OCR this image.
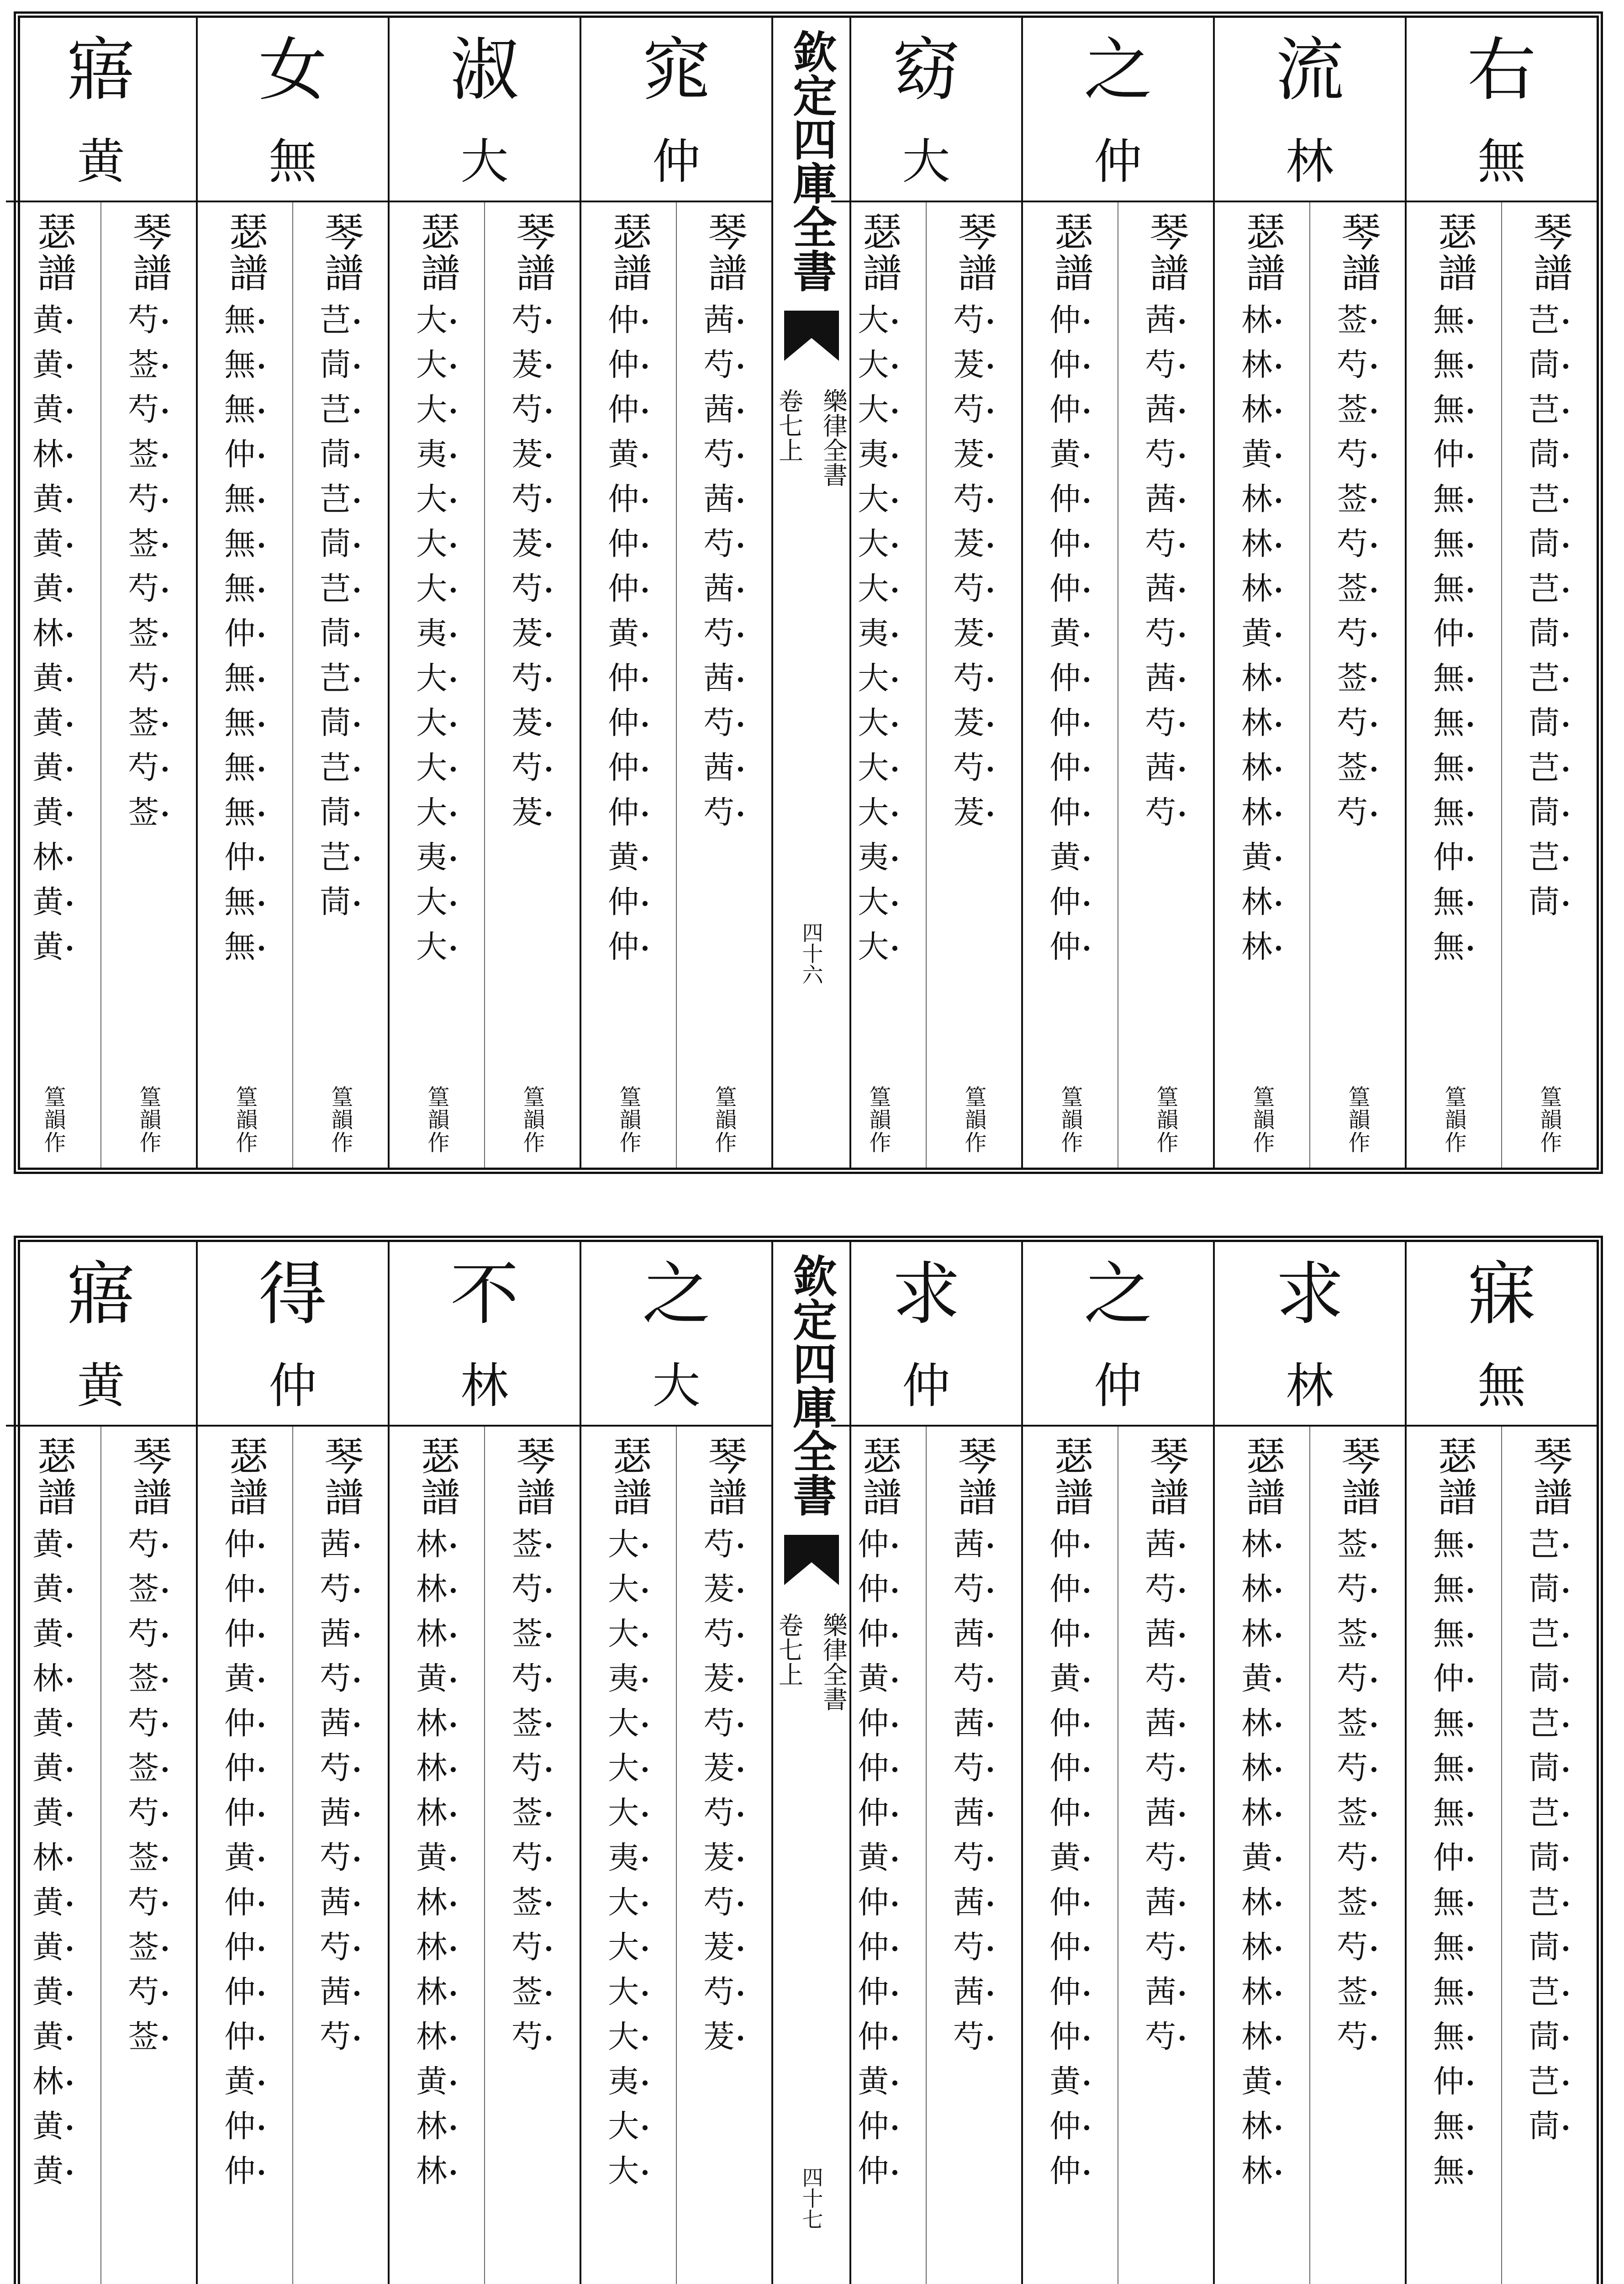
右
無
琴譜
芑 •
茼 •
芑 •
茼 •
芑 •
茼 •
芑 •
茼 •
芑 •
茼 •
芑 •
茼 •
芑 •
茼 •
篁韻作
瑟譜
無 •
無 •
無 •
仲 •
無 •
無 •
無 •
仲 •
無 •
無 •
無 •
無 •
仲 •
無 •
無 •
篁韻作
流
林
琴譜
莶 •
芍 •
莶 •
芍 •
莶 •
芍 •
莶 •
芍 •
莶 •
芍 •
莶 •
芍 •
篁韻作
瑟譜
林 •
林 •
林 •
黄 •
林 •
林 •
林 •
黄 •
林 •
林 •
林 •
林 •
黄 •
林 •
林 •
篁韻作
之
仲
琴譜
茜 •
芍 •
茜 •
芍 •
茜 •
芍 •
茜 •
芍 •
茜 •
芍 •
茜 •
芍 •
篁韻作
瑟譜
仲 •
仲 •
仲 •
黄 •
仲 •
仲 •
仲 •
黄 •
仲 •
仲 •
仲 •
仲 •
黄 •
仲 •
仲 •
篁韻作
窈
大
琴譜
芍 •
茇 •
芍 •
茇 •
芍 •
茇 •
芍 •
茇 •
芍 •
茇 •
芍 •
茇 •
篁韻作
瑟譜
大 •
大 •
大 •
夷 •
大 •
大 •
大 •
夷 •
大 •
大 •
大 •
大 •
夷 •
大 •
大 •
篁韻作
欽定四庫全書
樂律全書
卷七上
四十六
窕
仲
琴譜
茜 •
芍 •
茜 •
芍 •
茜 •
芍 •
茜 •
芍 •
茜 •
芍 •
茜 •
芍 •
篁韻作
瑟譜
仲 •
仲 •
仲 •
黄 •
仲 •
仲 •
仲 •
黄 •
仲 •
仲 •
仲 •
仲 •
黄 •
仲 •
仲 •
篁韻作
淑
大
琴譜
芍 •
茇 •
芍 •
茇 •
芍 •
茇 •
芍 •
茇 •
芍 •
茇 •
芍 •
茇 •
篁韻作
瑟譜
大 •
大 •
大 •
夷 •
大 •
大 •
大 •
夷 •
大 •
大 •
大 •
大 •
夷 •
大 •
大 •
篁韻作
女
無
琴譜
芑 •
茼 •
芑 •
茼 •
芑 •
茼 •
芑 •
茼 •
芑 •
茼 •
芑 •
茼 •
芑 •
茼 •
篁韻作
瑟譜
無 •
無 •
無 •
仲 •
無 •
無 •
無 •
仲 •
無 •
無 •
無 •
無 •
仲 •
無 •
無 •
篁韻作
寤
黄
琴譜
芍 •
莶 •
芍 •
莶 •
芍 •
莶 •
芍 •
莶 •
芍 •
莶 •
芍 •
莶 •
篁韻作
瑟譜
黄 •
黄 •
黄 •
林 •
黄 •
黄 •
黄 •
林 •
黄 •
黄 •
黄 •
黄 •
林 •
黄 •
黄 •
篁韻作
寐
無
琴譜
芑 •
茼 •
芑 •
茼 •
芑 •
茼 •
芑 •
茼 •
芑 •
茼 •
芑 •
茼 •
芑 •
茼 •
瑟譜
無 •
無 •
無 •
仲 •
無 •
無 •
無 •
仲 •
無 •
無 •
無 •
無 •
仲 •
無 •
無 •
求
林
琴譜
莶 •
芍 •
莶 •
芍 •
莶 •
芍 •
莶 •
芍 •
莶 •
芍 •
莶 •
芍 •
瑟譜
林 •
林 •
林 •
黄 •
林 •
林 •
林 •
黄 •
林 •
林 •
林 •
林 •
黄 •
林 •
林 •
之
仲
琴譜
茜 •
芍 •
茜 •
芍 •
茜 •
芍 •
茜 •
芍 •
茜 •
芍 •
茜 •
芍 •
瑟譜
仲 •
仲 •
仲 •
黄 •
仲 •
仲 •
仲 •
黄 •
仲 •
仲 •
仲 •
仲 •
黄 •
仲 •
仲 •
求
仲
琴譜
茜 •
芍 •
茜 •
芍 •
茜 •
芍 •
茜 •
芍 •
茜 •
芍 •
茜 •
芍 •
瑟譜
仲 •
仲 •
仲 •
黄 •
仲 •
仲 •
仲 •
黄 •
仲 •
仲 •
仲 •
仲 •
黄 •
仲 •
仲 •
欽定四庫全書
樂律全書
卷七上
四十七
之
大
琴譜
芍 •
茇 •
芍 •
茇 •
芍 •
茇 •
芍 •
茇 •
芍 •
茇 •
芍 •
茇 •
瑟譜
大 •
大 •
大 •
夷 •
大 •
大 •
大 •
夷 •
大 •
大 •
大 •
大 •
夷 •
大 •
大 •
不
林
琴譜
莶 •
芍 •
莶 •
芍 •
莶 •
芍 •
莶 •
芍 •
莶 •
芍 •
莶 •
芍 •
瑟譜
林 •
林 •
林 •
黄 •
林 •
林 •
林 •
黄 •
林 •
林 •
林 •
林 •
黄 •
林 •
林 •
得
仲
琴譜
茜 •
芍 •
茜 •
芍 •
茜 •
芍 •
茜 •
芍 •
茜 •
芍 •
茜 •
芍 •
瑟譜
仲 •
仲 •
仲 •
黄 •
仲 •
仲 •
仲 •
黄 •
仲 •
仲 •
仲 •
仲 •
黄 •
仲 •
仲 •
寤
黄
琴譜
芍 •
莶 •
芍 •
莶 •
芍 •
莶 •
芍 •
莶 •
芍 •
莶 •
芍 •
莶 •
瑟譜
黄 •
黄 •
黄 •
林 •
黄 •
黄 •
黄 •
林 •
黄 •
黄 •
黄 •
黄 •
林 •
黄 •
黄 •
